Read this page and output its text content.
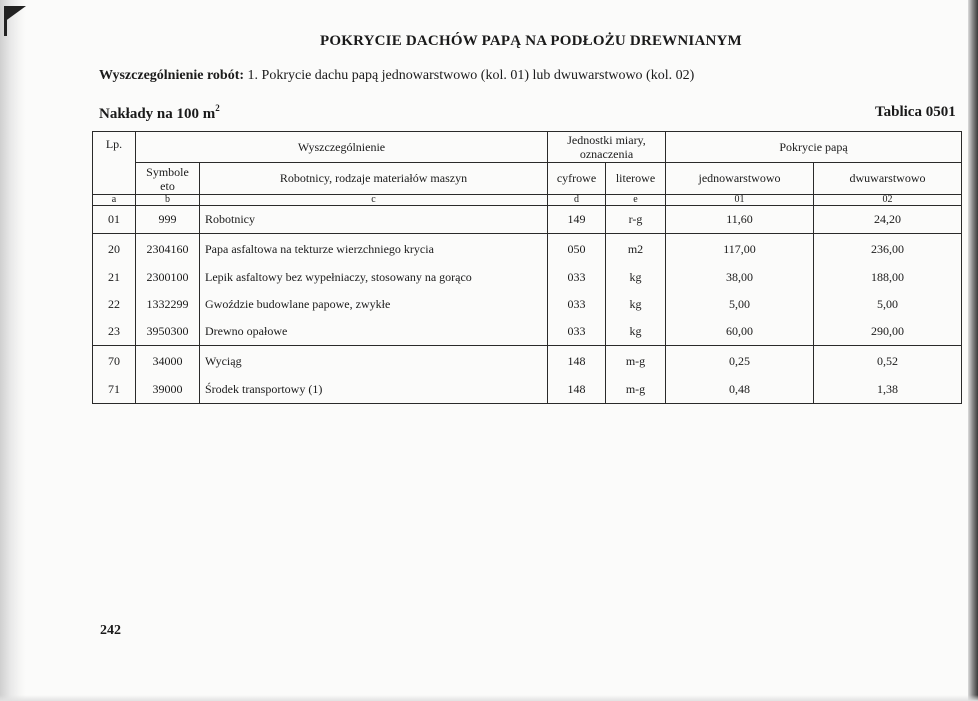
POKRYCIE DACHÓW PAPĄ NA PODŁOŻU DREWNIANYM
Wyszczególnienie robót: 1. Pokrycie dachu papą jednowarstwowo (kol. 01) lub dwuwarstwowo (kol. 02)
Nakłady na 100 $m^2$	Tablica 0501
Lp.	Wyszczególnienie		Jednostki miary, oznaczenia		Pokrycie papą	
	Symbole eto	Robotnicy, rodzaje materiałów maszyn	cyfrowe	literowe	jednowarstwowo	dwuwarstwowo
a	b	c	d	e	01	02
01	999	Robotnicy	149	r-g	11,60	24,20
20	2304160	Papa asfaltowa na tekturze wierzchniego krycia	050	m2	117,00	236,00
21	2300100	Lepik asfaltowy bez wypełniaczy, stosowany na gorąco	033	kg	38,00	188,00
22	1332299	Gwoździe budowlane papowe, zwykłe	033	kg	5,00	5,00
23	3950300	Drewno opałowe	033	kg	60,00	290,00
70	34000	Wyciąg	148	m-g	0,25	0,52
71	39000	Środek transportowy (1)	148	m-g	0,48	1,38
242
